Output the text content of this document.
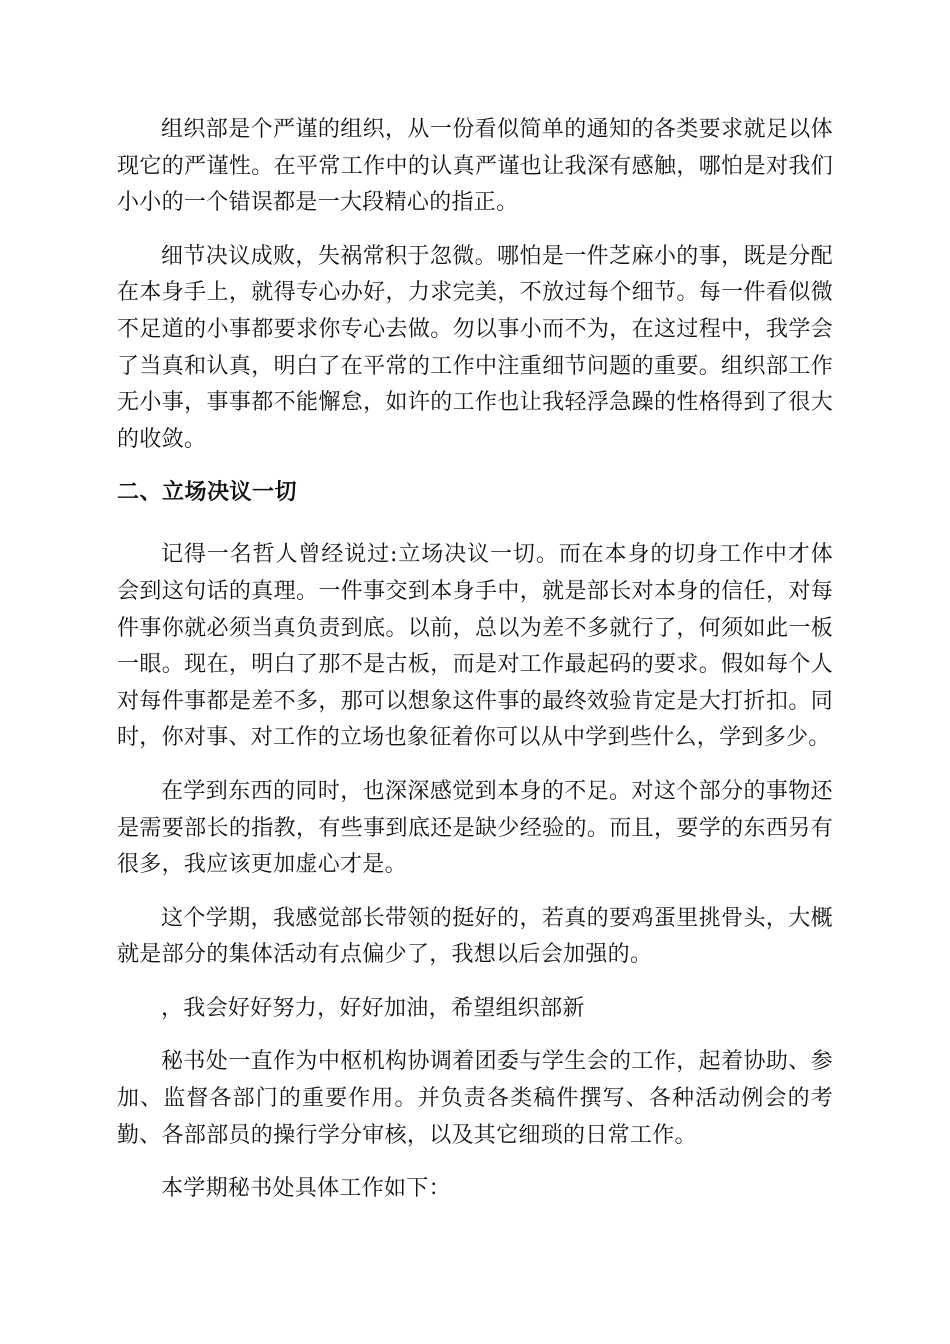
组织部是个严谨的组织，从一份看似简单的通知的各类要求就足以体现它的严谨性。在平常工作中的认真严谨也让我深有感触，哪怕是对我们小小的一个错误都是一大段精心的指正。

细节决议成败，失祸常积于忽微。哪怕是一件芝麻小的事，既是分配在本身手上，就得专心办好，力求完美，不放过每个细节。每一件看似微不足道的小事都要求你专心去做。勿以事小而不为，在这过程中，我学会了当真和认真，明白了在平常的工作中注重细节问题的重要。组织部工作无小事，事事都不能懈怠，如许的工作也让我轻浮急躁的性格得到了很大的收敛。

二、立场决议一切

记得一名哲人曾经说过:立场决议一切。而在本身的切身工作中才体会到这句话的真理。一件事交到本身手中，就是部长对本身的信任，对每件事你就必须当真负责到底。以前，总以为差不多就行了，何须如此一板一眼。现在，明白了那不是古板，而是对工作最起码的要求。假如每个人对每件事都是差不多，那可以想象这件事的最终效验肯定是大打折扣。同时，你对事、对工作的立场也象征着你可以从中学到些什么，学到多少。

在学到东西的同时，也深深感觉到本身的不足。对这个部分的事物还是需要部长的指教，有些事到底还是缺少经验的。而且，要学的东西另有很多，我应该更加虚心才是。

这个学期，我感觉部长带领的挺好的，若真的要鸡蛋里挑骨头，大概就是部分的集体活动有点偏少了，我想以后会加强的。

，我会好好努力，好好加油，希望组织部新

秘书处一直作为中枢机构协调着团委与学生会的工作，起着协助、参加、监督各部门的重要作用。并负责各类稿件撰写、各种活动例会的考勤、各部部员的操行学分审核，以及其它细琐的日常工作。

本学期秘书处具体工作如下：
